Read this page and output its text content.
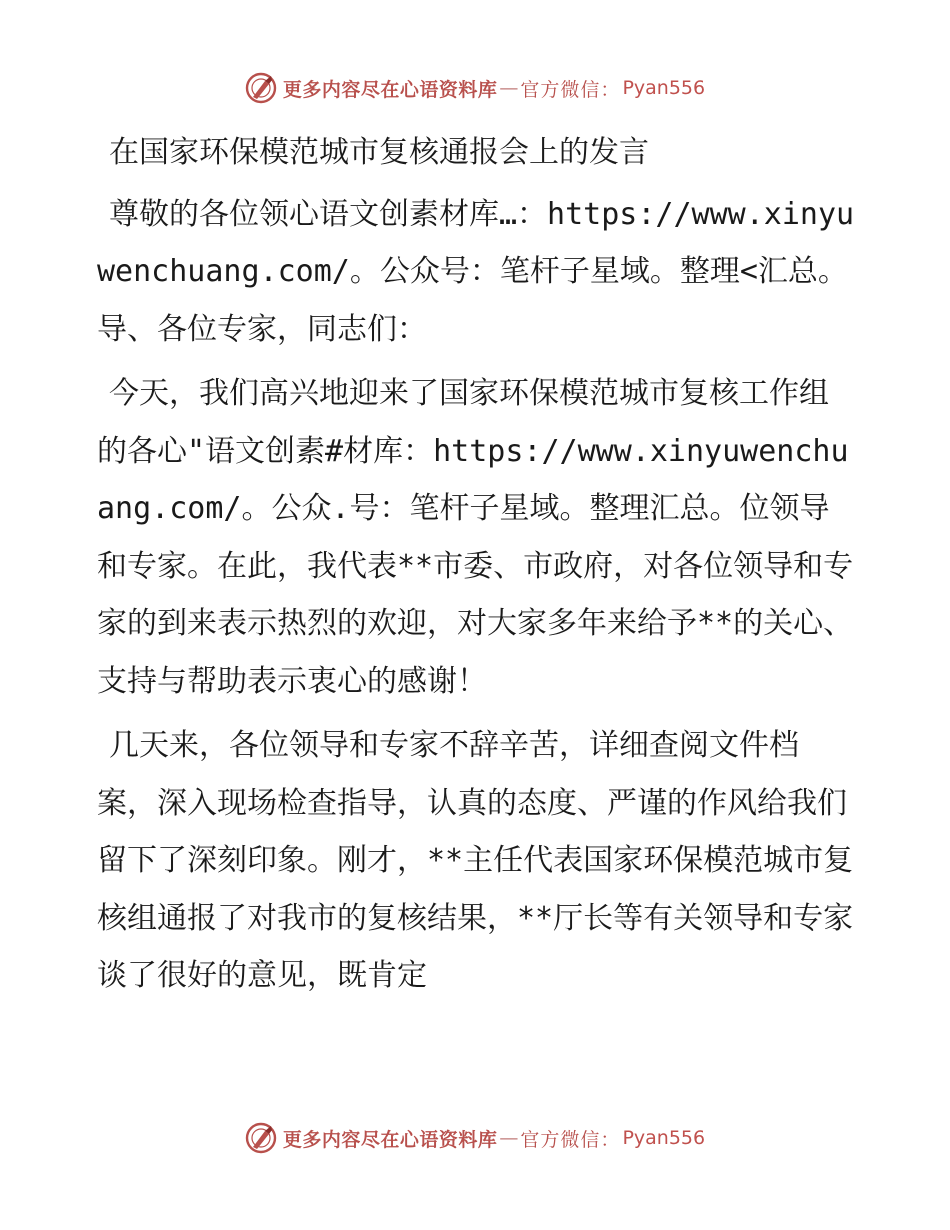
更多内容尽在心语资料库 — 官方微信： Pyan556

在国家环保模范城市复核通报会上的发言

尊敬的各位领心语文创素材库…：https://www.xinyuwenchuang.com/。公众号：笔杆子星域。整理<汇总。导、各位专家，同志们：

今天，我们高兴地迎来了国家环保模范城市复核工作组的各心"语文创素#材库：https://www.xinyuwenchuang.com/。公众.号：笔杆子星域。整理汇总。位领导和专家。在此，我代表**市委、市政府，对各位领导和专家的到来表示热烈的欢迎，对大家多年来给予**的关心、支持与帮助表示衷心的感谢！

几天来，各位领导和专家不辞辛苦，详细查阅文件档案，深入现场检查指导，认真的态度、严谨的作风给我们留下了深刻印象。刚才，**主任代表国家环保模范城市复核组通报了对我市的复核结果，**厅长等有关领导和专家谈了很好的意见，既肯定

更多内容尽在心语资料库 — 官方微信： Pyan556
